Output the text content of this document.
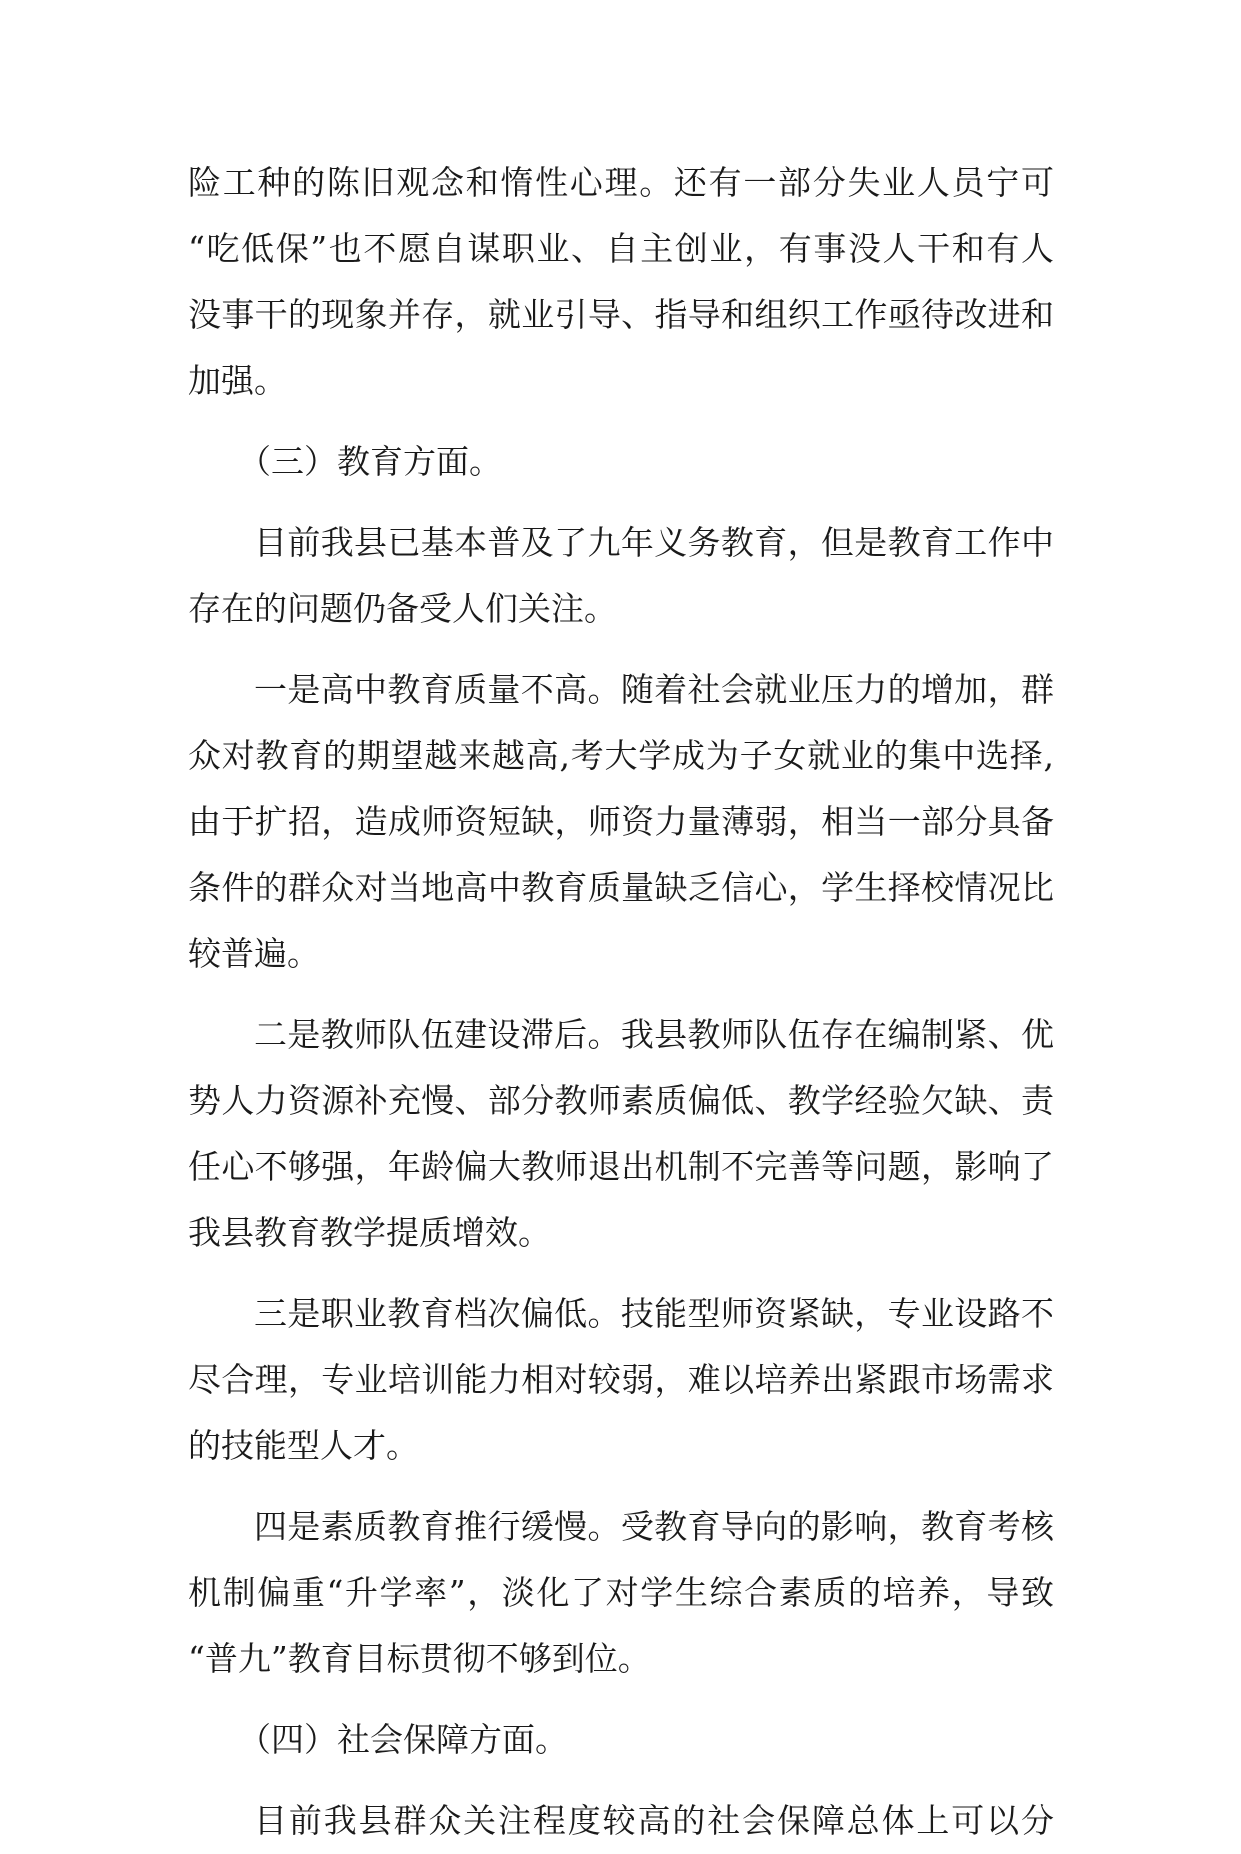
险工种的陈旧观念和惰性心理。还有一部分失业人员宁可
“吃低保”也不愿自谋职业、自主创业，有事没人干和有人
没事干的现象并存，就业引导、指导和组织工作亟待改进和
加强。
（三）教育方面。
目前我县已基本普及了九年义务教育，但是教育工作中
存在的问题仍备受人们关注。
一是高中教育质量不高。随着社会就业压力的增加，群
众对教育的期望越来越高,考大学成为子女就业的集中选择,
由于扩招，造成师资短缺，师资力量薄弱，相当一部分具备
条件的群众对当地高中教育质量缺乏信心，学生择校情况比
较普遍。
二是教师队伍建设滞后。我县教师队伍存在编制紧、优
势人力资源补充慢、部分教师素质偏低、教学经验欠缺、责
任心不够强，年龄偏大教师退出机制不完善等问题，影响了
我县教育教学提质增效。
三是职业教育档次偏低。技能型师资紧缺，专业设路不
尽合理，专业培训能力相对较弱，难以培养出紧跟市场需求
的技能型人才。
四是素质教育推行缓慢。受教育导向的影响，教育考核
机制偏重“升学率”，淡化了对学生综合素质的培养，导致
“普九”教育目标贯彻不够到位。
（四）社会保障方面。
目前我县群众关注程度较高的社会保障总体上可以分
